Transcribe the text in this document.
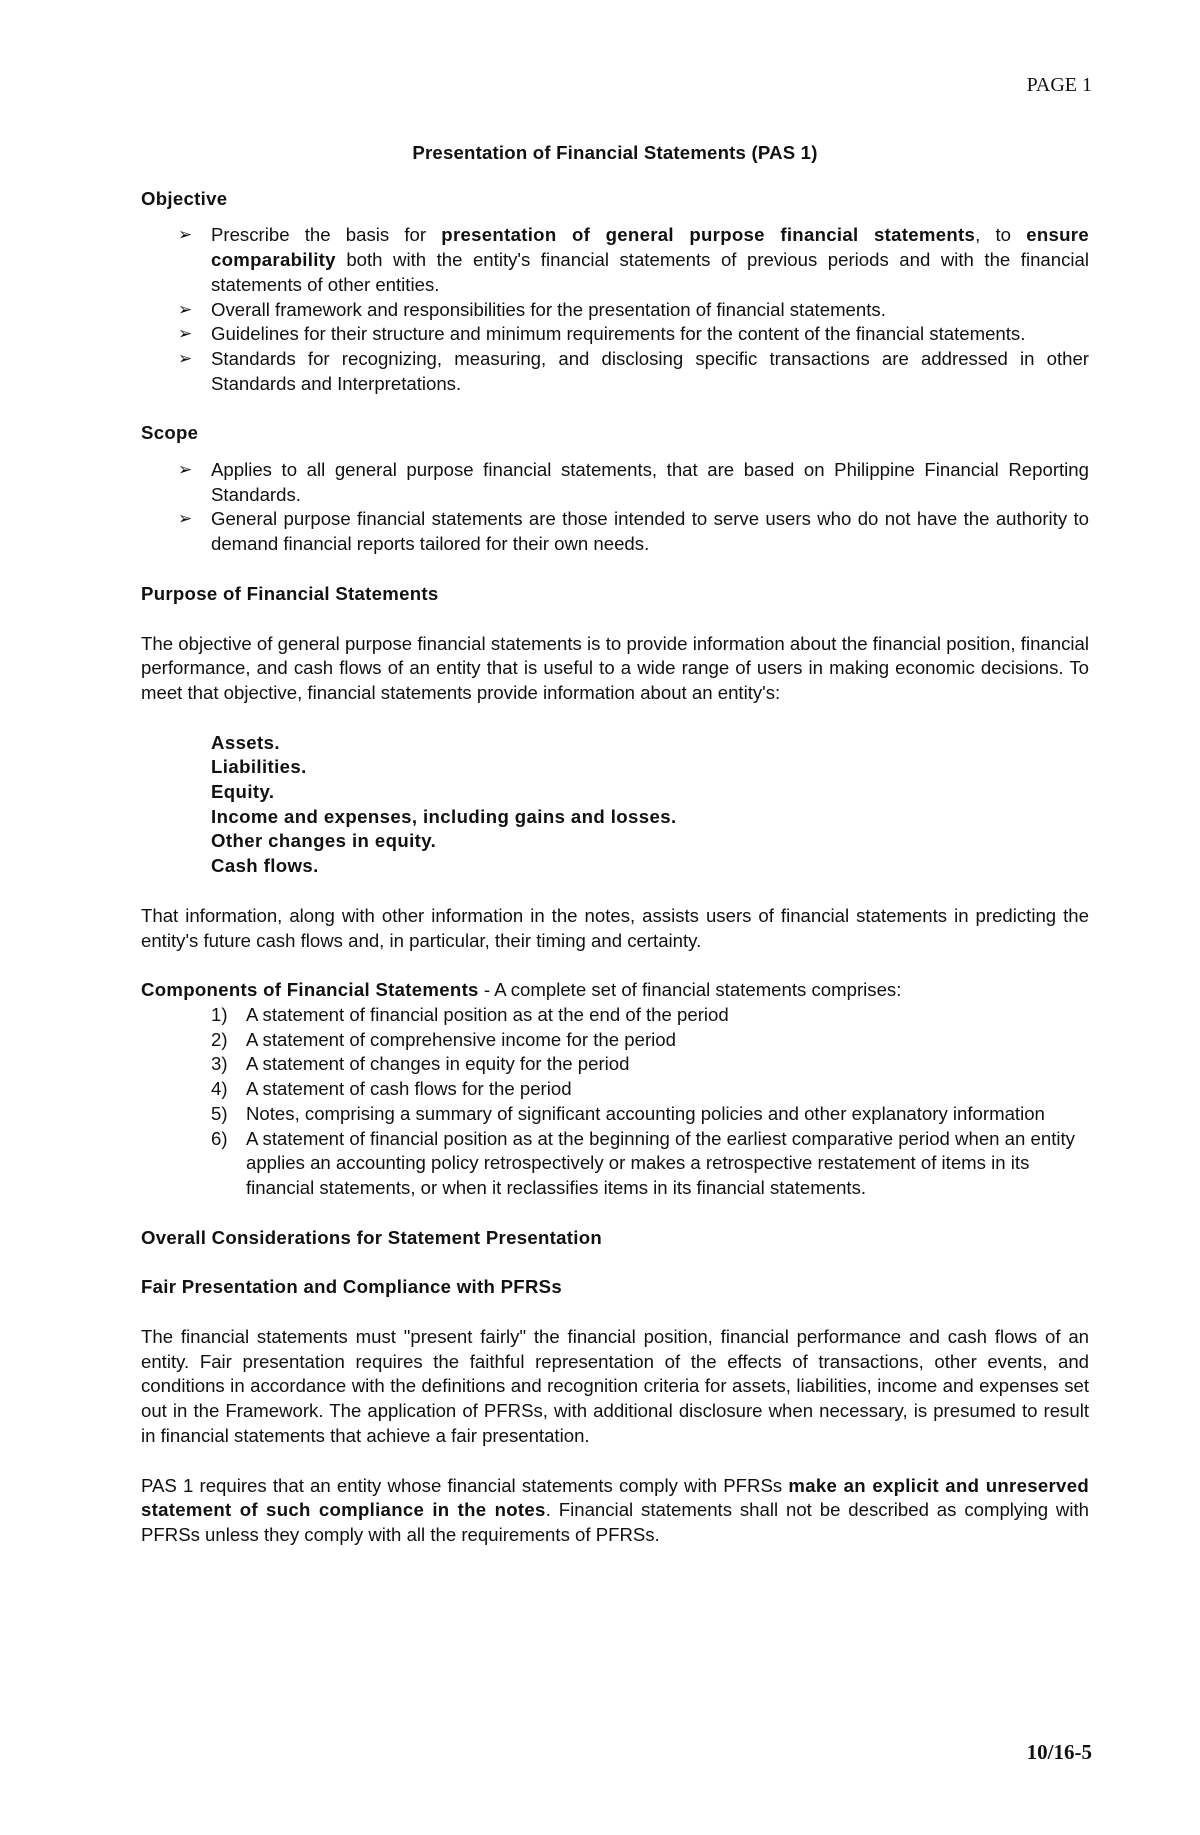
PAGE 1
Presentation of Financial Statements (PAS 1)
Objective
➢ Prescribe the basis for presentation of general purpose financial statements, to ensure comparability both with the entity's financial statements of previous periods and with the financial statements of other entities.
➢ Overall framework and responsibilities for the presentation of financial statements.
➢ Guidelines for their structure and minimum requirements for the content of the financial statements.
➢ Standards for recognizing, measuring, and disclosing specific transactions are addressed in other Standards and Interpretations.
Scope
➢ Applies to all general purpose financial statements, that are based on Philippine Financial Reporting Standards.
➢ General purpose financial statements are those intended to serve users who do not have the authority to demand financial reports tailored for their own needs.
Purpose of Financial Statements

The objective of general purpose financial statements is to provide information about the financial position, financial performance, and cash flows of an entity that is useful to a wide range of users in making economic decisions. To meet that objective, financial statements provide information about an entity's:

Assets.
Liabilities.
Equity.
Income and expenses, including gains and losses.
Other changes in equity.
Cash flows.

That information, along with other information in the notes, assists users of financial statements in predicting the entity's future cash flows and, in particular, their timing and certainty.

Components of Financial Statements - A complete set of financial statements comprises:

1) A statement of financial position as at the end of the period
2) A statement of comprehensive income for the period
3) A statement of changes in equity for the period
4) A statement of cash flows for the period
5) Notes, comprising a summary of significant accounting policies and other explanatory information
6) A statement of financial position as at the beginning of the earliest comparative period when an entity applies an accounting policy retrospectively or makes a retrospective restatement of items in its financial statements, or when it reclassifies items in its financial statements.
Overall Considerations for Statement Presentation
Fair Presentation and Compliance with PFRSs

The financial statements must "present fairly" the financial position, financial performance and cash flows of an entity. Fair presentation requires the faithful representation of the effects of transactions, other events, and conditions in accordance with the definitions and recognition criteria for assets, liabilities, income and expenses set out in the Framework. The application of PFRSs, with additional disclosure when necessary, is presumed to result in financial statements that achieve a fair presentation.

PAS 1 requires that an entity whose financial statements comply with PFRSs make an explicit and unreserved statement of such compliance in the notes. Financial statements shall not be described as complying with PFRSs unless they comply with all the requirements of PFRSs.

10/16-5
